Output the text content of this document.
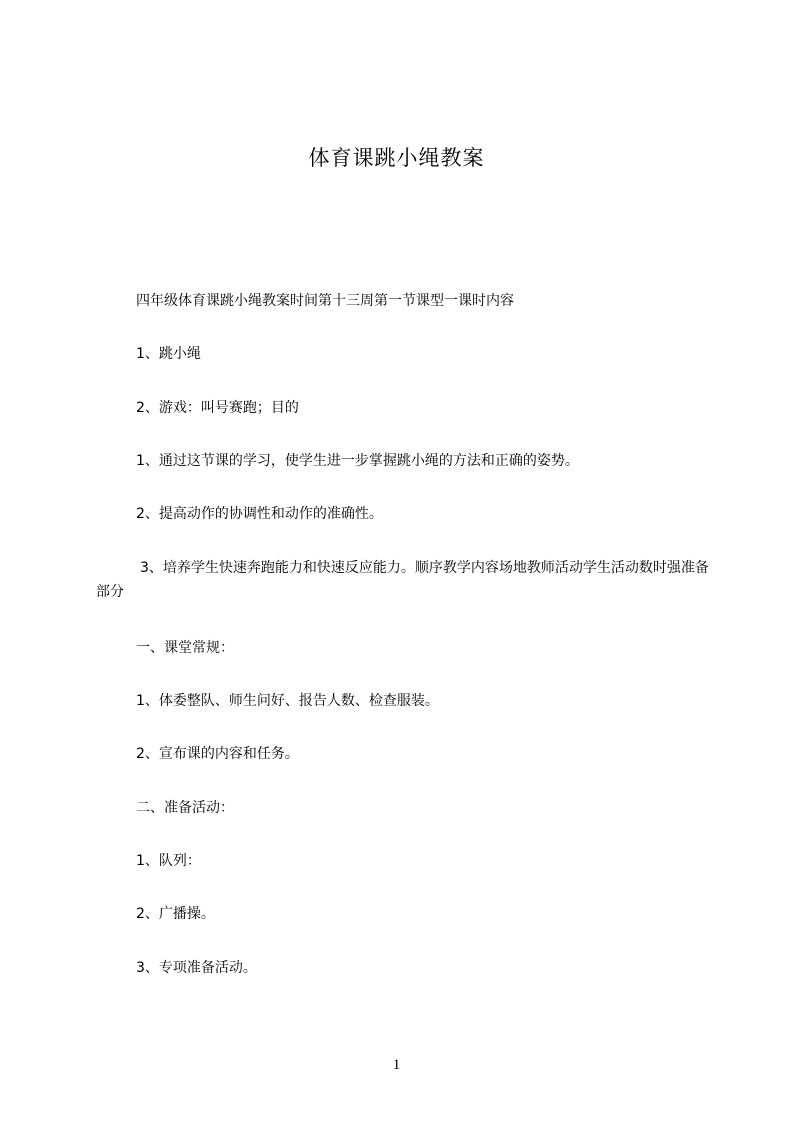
体育课跳小绳教案

四年级体育课跳小绳教案时间第十三周第一节课型一课时内容

1、跳小绳

2、游戏：叫号赛跑；目的

1、通过这节课的学习，使学生进一步掌握跳小绳的方法和正确的姿势。

2、提高动作的协调性和动作的准确性。

3、培养学生快速奔跑能力和快速反应能力。顺序教学内容场地教师活动学生活动数时强准备部分

一、课堂常规：

1、体委整队、师生问好、报告人数、检查服装。

2、宣布课的内容和任务。

二、准备活动：

1、队列：

2、广播操。

3、专项准备活动。

1
